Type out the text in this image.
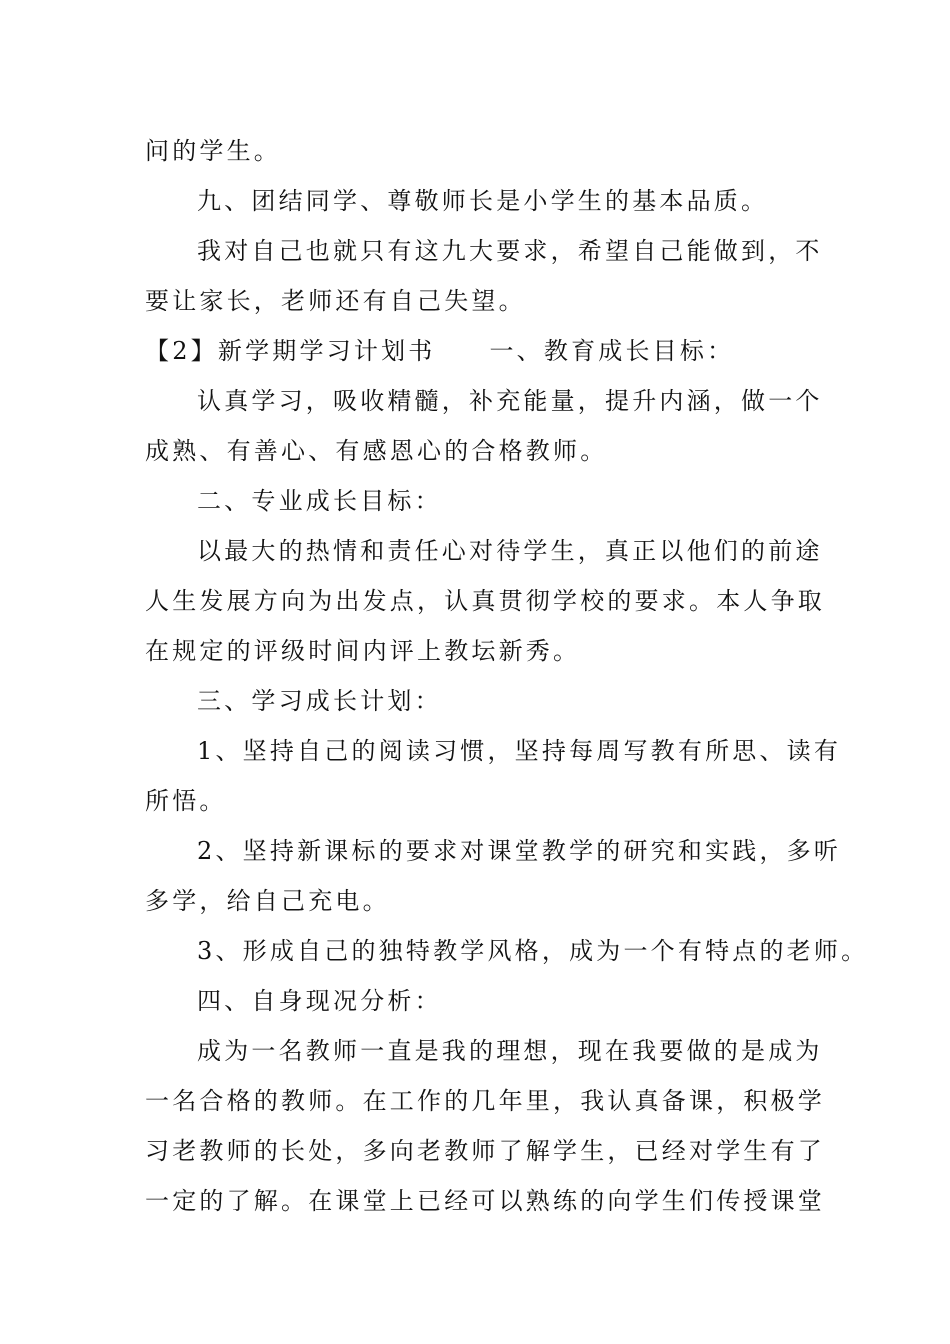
问的学生。
九、团结同学、尊敬师长是小学生的基本品质。
我对自己也就只有这九大要求，希望自己能做到，不
要让家长，老师还有自己失望。
【2】新学期学习计划书 一、教育成长目标：
认真学习，吸收精髓，补充能量，提升内涵，做一个
成熟、有善心、有感恩心的合格教师。
二、专业成长目标：
以最大的热情和责任心对待学生，真正以他们的前途
人生发展方向为出发点，认真贯彻学校的要求。本人争取
在规定的评级时间内评上教坛新秀。
三、学习成长计划：
1、坚持自己的阅读习惯，坚持每周写教有所思、读有
所悟。
2、坚持新课标的要求对课堂教学的研究和实践，多听
多学，给自己充电。
3、形成自己的独特教学风格，成为一个有特点的老师。
四、自身现况分析：
成为一名教师一直是我的理想，现在我要做的是成为
一名合格的教师。在工作的几年里，我认真备课，积极学
习老教师的长处，多向老教师了解学生，已经对学生有了
一定的了解。在课堂上已经可以熟练的向学生们传授课堂
